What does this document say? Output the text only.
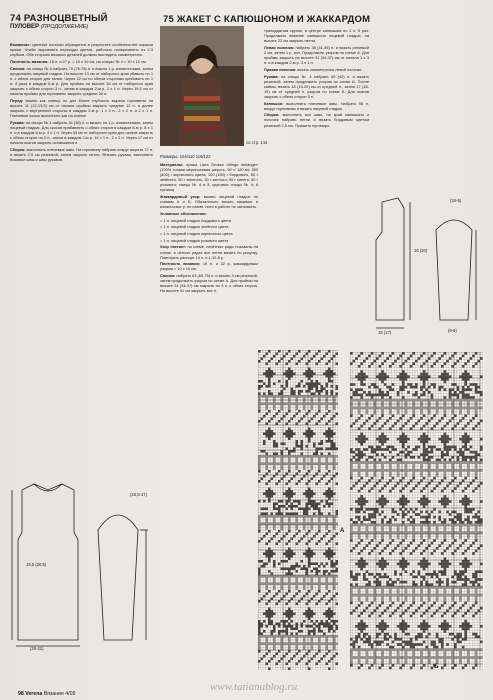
74 РАЗНОЦВЕТНЫЙ
ПУЛОВЕР (ПРОДОЛЖЕНИЕ)
75 ЖАКЕТ С КАПЮШОНОМ И ЖАККАРДОМ

Внимание: цветные полоски образуются в результате особенностей окраски пряжи. Чтобы выровнять переходы цветов, работать попеременно из 2-3 клубков. Обе стороны вязаных деталей должны выглядеть симметрично.

Плотность вязания: 18 п. и 27 р. = 10 х 10 см, на спицах № 4 = 10 х 10 см.

Спинка: на спицы № 4 набрать 70 (76-78) п. и вязать 1 р. изнаночными, затем продолжить лицевой гладью. На высоте 13 см от наборного края убавить по 1 п. с обеих сторон для талии. Через 22 см по обеим сторонам прибавить по 1 п. 4 раза в каждом 6-м р. Для проймы на высоте 34 см от наборного края закрыть с обеих сторон 3 п., затем в каждом 2-м р. 2 х 1 п. Через 19,5 см от начала проймы для горловины закрыть средние 26 п.

Перед: вязать как спинку, но для более глубокого выреза горловины на высоте 11 (12-13,5) см от начала проймы закрыть средние 12 п. и далее закрыть с внутренней стороны в каждом 2-м р. 1 х 3 п., 2 х 2 п. и 2 х 1 п. Плечевые скосы выполнить как на спинке.

Рукава: на спицы № 4 набрать 34 (38) п. и вязать по 1 р. изнаночными, затем лицевой гладью. Для скосов прибавлять с обеих сторон в каждом 8-м р. 8 х 1 п. и в каждом 6-м р. 4 х 1 п. Через 43 см от наборного края для окатов закрыть с обеих сторон по 2 п., затем в каждом 2-м р. 14 х 1 п., 2 х 2 п. Через 17 см от начала окатов закрыть оставшиеся п.

Сборка: выполнить плечевые швы. На горловину набрать вокруг выреза 72 п. и вязать 2,5 см резинкой, затем закрыть петли. Втачать рукава, выполнить боковые швы и швы рукавов.

(15,5-17)
19,5 (20,5)
(20-21)
со стр. 144
Размеры: 104/110 116/122

Материалы: пряжа Lana Grossa «Bingo melange» (100% тонкая мериносовая шерсть, 50 г/ 120 м): 350 (400) г кирпичного цвета, 100 (150) г бордового, 50 г зелёного, 50 г зеленого, 50 г желтого, 50 г синего, 50 г розового; спицы № 4 и 5; круговые спицы № 4; 6 пуговиц.

Жаккардовый узор: вязать лицевой гладью по схемам А и Б. Обязательно вязать лицевые и изнаночные р. по схеме, нити в работе не затягивать.

Условные обозначения:

= 1 п. лицевой гладью бордового цвета

= 1 п. лицевой гладью зелёного цвета

= 1 п. лицевой гладью кирпичного цвета

= 1 п. лицевой гладью розового цвета

Узор «ветка»: по схеме, нечётные ряды показаны на схеме, в чётных рядах все петли вязать по рисунку. Повторять раппорт 14 п. и 1-12-й р.

Плотность вязания: 19 п. и 22 р. жаккардовым узором = 10 х 10 см.

Спинка: набрать 63 (69-75) п. и вязать 3 см резинкой, затем продолжить узором по схеме А. Для проймы на высоте 31 (34-37) см закрыть по 3 п. с обеих сторон. На высоте 51 см закрыть все п.

тринадцатым кругом, в центре капюшона по 1 п. 5 раз. Продолжать вязание капюшона лицевой гладью, на высоте 22 см закрыть петли.

Левая полочка: набрать 38 (41-45) п. и вязать резинкой 2 см, затем 1 р. изн. Продолжить узором по схеме А. Для проймы закрыть на высоте 31 (34-37) см от начала 1 х 3 п. и в каждом 2-м р. 3 х 1 п.

Правая полочка: вязать симметрично левой полочке.

Рукава: на спицы № 4 набрать 40 (42) п. и вязать резинкой, затем продолжить узором по схеме Б. После каймы, вязать 18 (19-20) см от средней п., затем 17 (18-19) см от средней п. узором по схеме Б. Для окатов закрыть с обеих сторон 3 п.

Капюшон: выполнить плечевые швы. Набрать 96 п. вокруг горловины и вязать лицевой гладью.

Сборка: выполнить все швы, на край капюшона и полочек набрать петли и вязать бордовым цветом резинкой 2,5 см. Пришить пуговицы.

16 (20)
16 (17)
(34-5)
(6-9)
А
Б
98 Verena Вязание 4/09
www.tatianablog.ru
